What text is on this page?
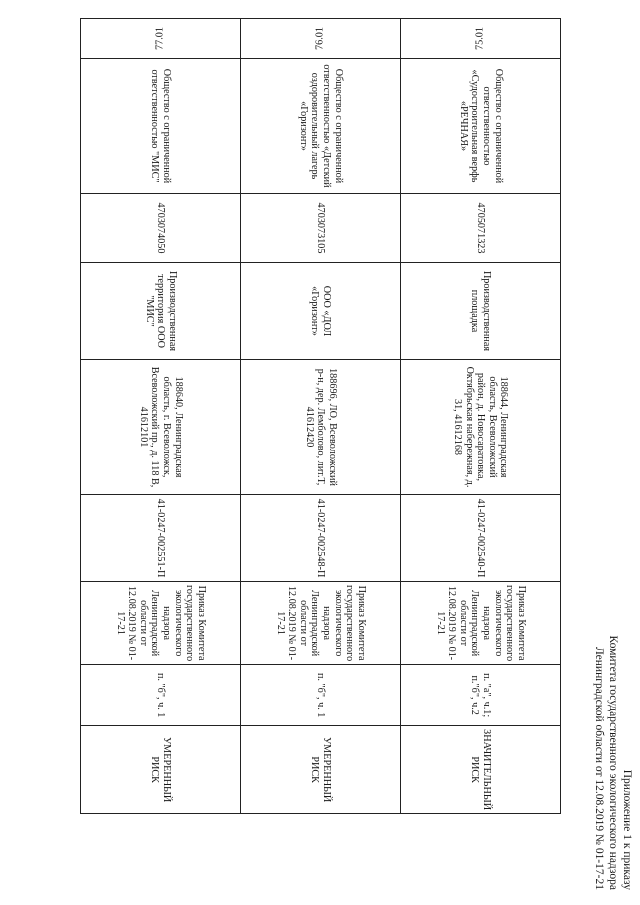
Приложение 1 к приказу
Комитета государственного экологического надзора
Ленинградской области от 12.08.2019 № 01-17-21
75.01	Общество с ограниченной ответственностью «Судостроительная верфь «РЕЧНАЯ»	4705071323	Производственная площадка	188644, Ленинградская область, Всеволожский район, д. Новосаратовка, Октябрьская набережная, д. 31, 41612168	41-0247-002540-П	Приказ Комитета государственного экологического надзора Ленинградской области от 12.08.2019 № 01-17-21	п. "а", ч.1; п."б", ч.2	ЗНАЧИТЕЛЬНЫЙ РИСК
76.01	Общество с ограниченной ответственностью «Детский оздоровительный лагерь «Горизонт»	4703073105	ООО «ДОЛ «Горизонт»	188696, ЛО, Всеволожский р-н, дер. Лемболово, лит.Т, 41612420	41-0247-002548-П	Приказ Комитета государственного экологического надзора Ленинградской области от 12.08.2019 № 01-17-21	п. "б", ч. 1	УМЕРЕННЫЙ РИСК
77.01	Общество с ограниченной ответственностью "МИС"	4703074050	Производственная территория ООО "МИС"	188640, Ленинградская область, г. Всеволожск, Всеволожский пр., д. 118 В, 41612101	41-0247-002551-П	Приказ Комитета государственного экологического надзора Ленинградской области от 12.08.2019 № 01-17-21	п. "б", ч. 1	УМЕРЕННЫЙ РИСК
